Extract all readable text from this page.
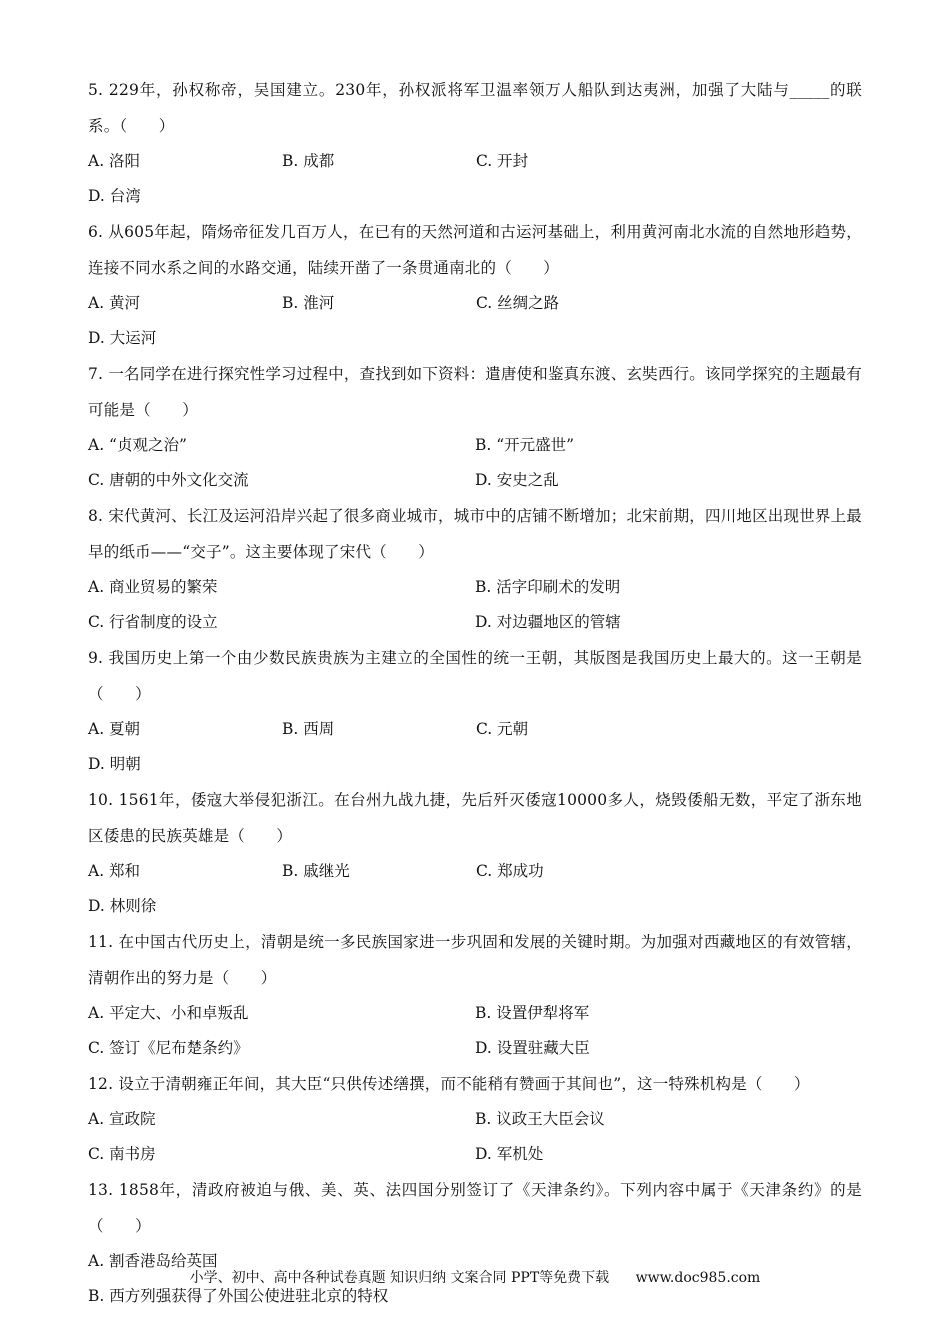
5. 229年，孙权称帝，吴国建立。230年，孙权派将军卫温率领万人船队到达夷洲，加强了大陆与_____的联系。（　　）

A. 洛阳	B. 成都	C. 开封
D. 台湾

6. 从605年起，隋炀帝征发几百万人，在已有的天然河道和古运河基础上，利用黄河南北水流的自然地形趋势，连接不同水系之间的水路交通，陆续开凿了一条贯通南北的（　　）

A. 黄河	B. 淮河	C. 丝绸之路
D. 大运河

7. 一名同学在进行探究性学习过程中，查找到如下资料：遣唐使和鉴真东渡、玄奘西行。该同学探究的主题最有可能是（　　）

A. “贞观之治”	B. “开元盛世”
C. 唐朝的中外文化交流	D. 安史之乱

8. 宋代黄河、长江及运河沿岸兴起了很多商业城市，城市中的店铺不断增加；北宋前期，四川地区出现世界上最早的纸币——“交子”。这主要体现了宋代（　　）

A. 商业贸易的繁荣	B. 活字印刷术的发明
C. 行省制度的设立	D. 对边疆地区的管辖

9. 我国历史上第一个由少数民族贵族为主建立的全国性的统一王朝，其版图是我国历史上最大的。这一王朝是（　　）

A. 夏朝	B. 西周	C. 元朝
D. 明朝

10. 1561年，倭寇大举侵犯浙江。在台州九战九捷，先后歼灭倭寇10000多人，烧毁倭船无数，平定了浙东地区倭患的民族英雄是（　　）

A. 郑和	B. 戚继光	C. 郑成功
D. 林则徐

11. 在中国古代历史上，清朝是统一多民族国家进一步巩固和发展的关键时期。为加强对西藏地区的有效管辖，清朝作出的努力是（　　）

A. 平定大、小和卓叛乱	B. 设置伊犁将军
C. 签订《尼布楚条约》	D. 设置驻藏大臣

12. 设立于清朝雍正年间，其大臣“只供传述缮撰，而不能稍有赞画于其间也”，这一特殊机构是（　　）

A. 宣政院	B. 议政王大臣会议
C. 南书房	D. 军机处

13. 1858年，清政府被迫与俄、美、英、法四国分别签订了《天津条约》。下列内容中属于《天津条约》的是（　　）

A. 割香港岛给英国
B. 西方列强获得了外国公使进驻北京的特权
小学、初中、高中各种试卷真题 知识归纳 文案合同 PPT等免费下载 www.doc985.com
